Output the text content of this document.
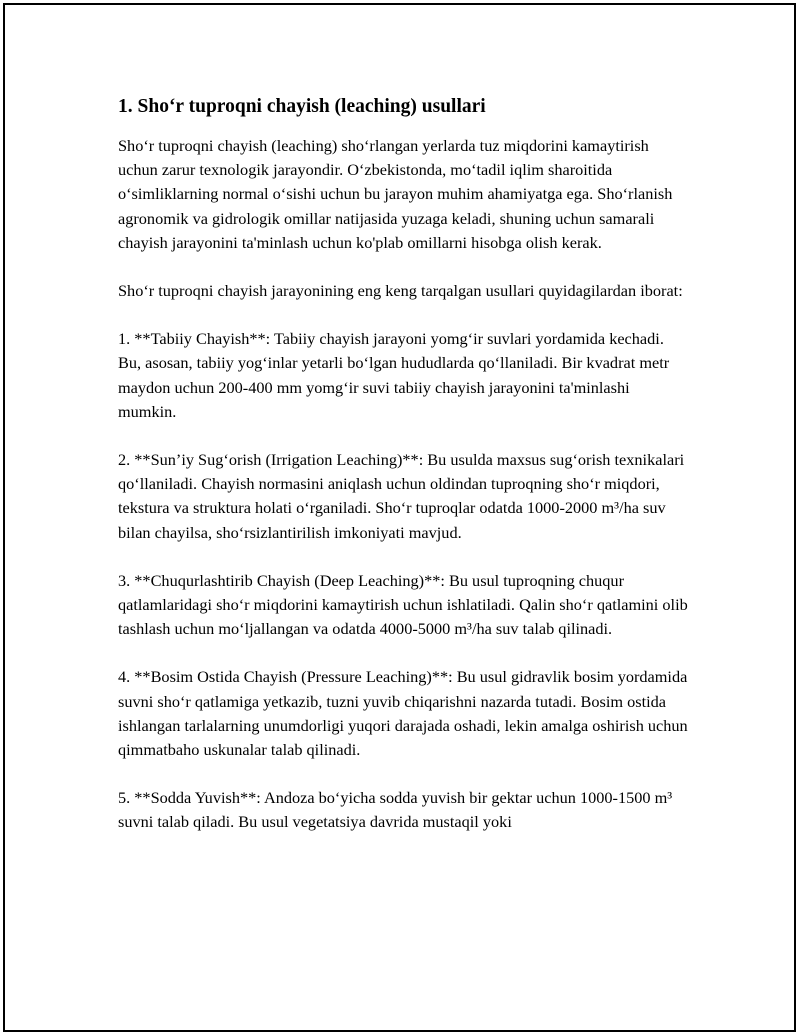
1. Sho‘r tuproqni chayish (leaching) usullari

Sho‘r tuproqni chayish (leaching) sho‘rlangan yerlarda tuz miqdorini kamaytirish uchun zarur texnologik jarayondir. O‘zbekistonda, mo‘tadil iqlim sharoitida o‘simliklarning normal o‘sishi uchun bu jarayon muhim ahamiyatga ega. Sho‘rlanish agronomik va gidrologik omillar natijasida yuzaga keladi, shuning uchun samarali chayish jarayonini ta'minlash uchun ko'plab omillarni hisobga olish kerak.

Sho‘r tuproqni chayish jarayonining eng keng tarqalgan usullari quyidagilardan iborat:

1. **Tabiiy Chayish**: Tabiiy chayish jarayoni yomg‘ir suvlari yordamida kechadi. Bu, asosan, tabiiy yog‘inlar yetarli bo‘lgan hududlarda qo‘llaniladi. Bir kvadrat metr maydon uchun 200-400 mm yomg‘ir suvi tabiiy chayish jarayonini ta'minlashi mumkin.

2. **Sun’iy Sug‘orish (Irrigation Leaching)**: Bu usulda maxsus sug‘orish texnikalari qo‘llaniladi. Chayish normasini aniqlash uchun oldindan tuproqning sho‘r miqdori, tekstura va struktura holati o‘rganiladi. Sho‘r tuproqlar odatda 1000-2000 m³/ha suv bilan chayilsa, sho‘rsizlantirilish imkoniyati mavjud.

3. **Chuqurlashtirib Chayish (Deep Leaching)**: Bu usul tuproqning chuqur qatlamlaridagi sho‘r miqdorini kamaytirish uchun ishlatiladi. Qalin sho‘r qatlamini olib tashlash uchun mo‘ljallangan va odatda 4000-5000 m³/ha suv talab qilinadi.

4. **Bosim Ostida Chayish (Pressure Leaching)**: Bu usul gidravlik bosim yordamida suvni sho‘r qatlamiga yetkazib, tuzni yuvib chiqarishni nazarda tutadi. Bosim ostida ishlangan tarlalarning unumdorligi yuqori darajada oshadi, lekin amalga oshirish uchun qimmatbaho uskunalar talab qilinadi.

5. **Sodda Yuvish**: Andoza bo‘yicha sodda yuvish bir gektar uchun 1000-1500 m³ suvni talab qiladi. Bu usul vegetatsiya davrida mustaqil yoki
